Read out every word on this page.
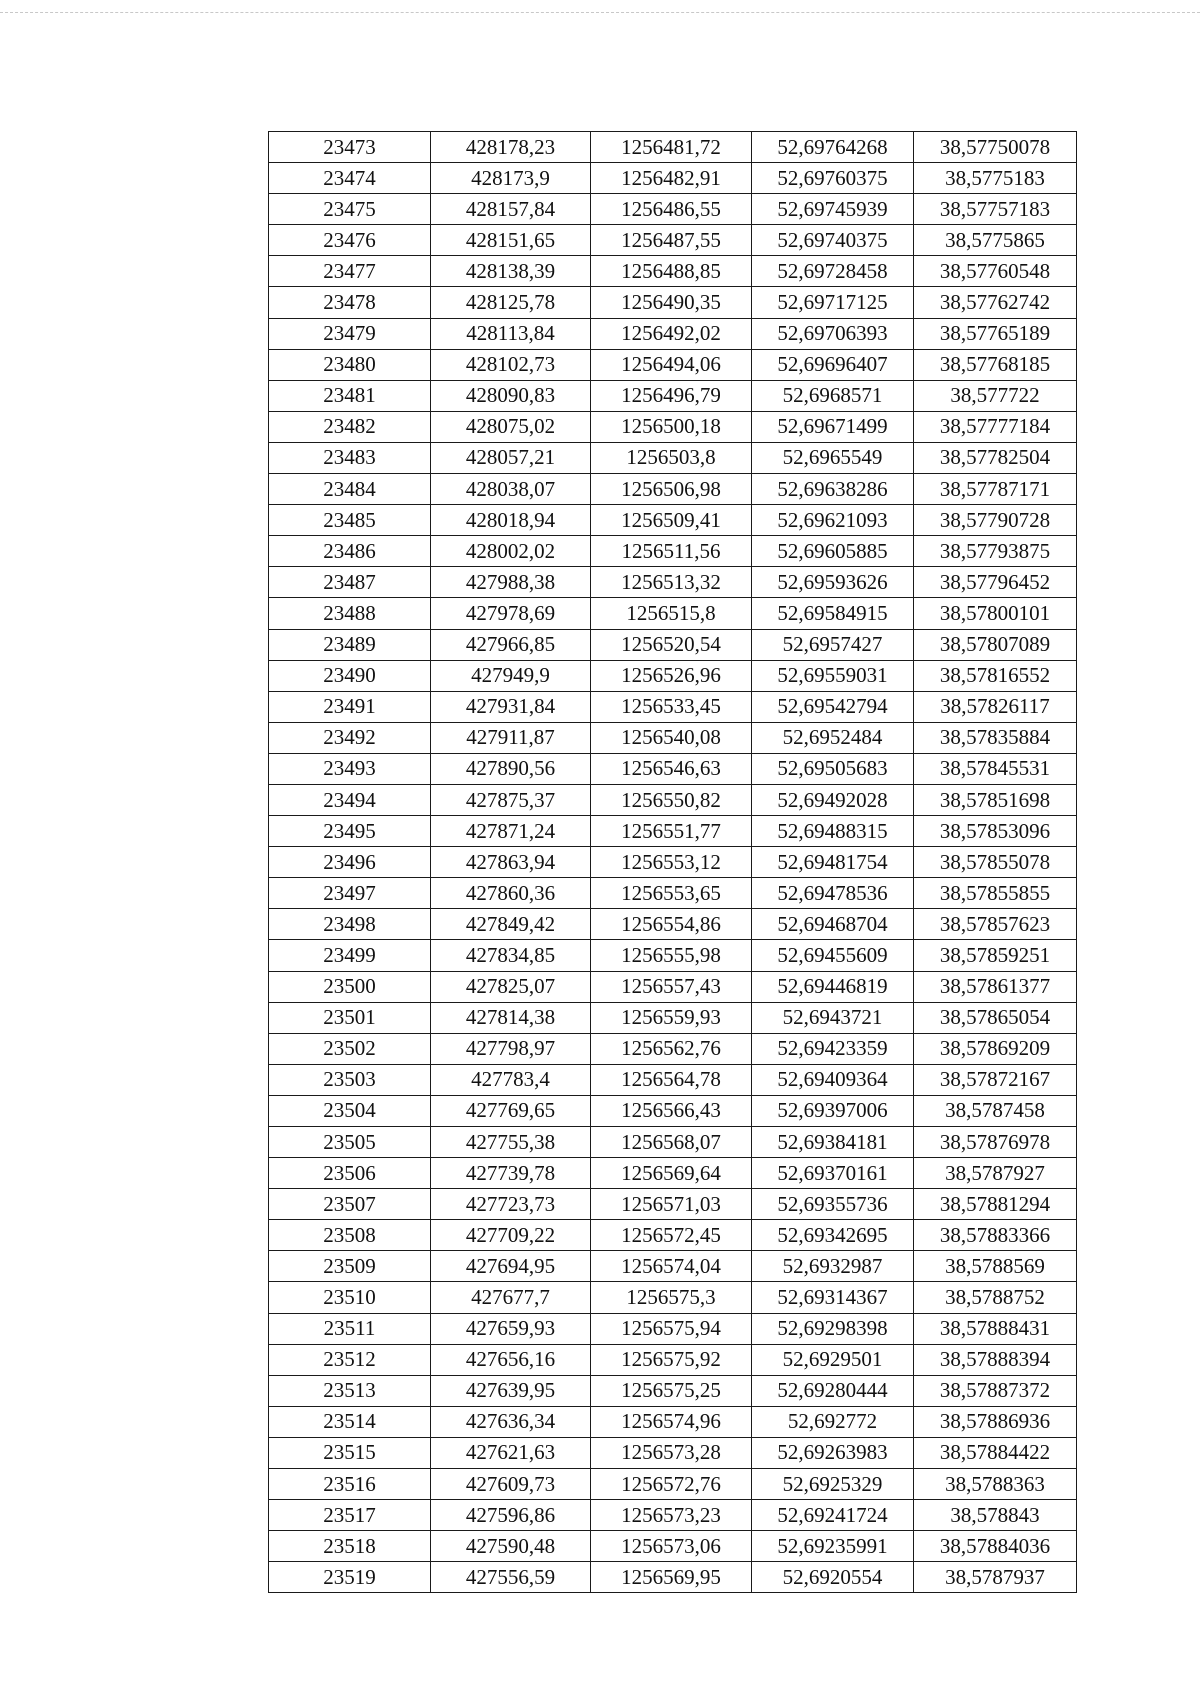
23473	428178,23	1256481,72	52,69764268	38,57750078
23474	428173,9	1256482,91	52,69760375	38,5775183
23475	428157,84	1256486,55	52,69745939	38,57757183
23476	428151,65	1256487,55	52,69740375	38,5775865
23477	428138,39	1256488,85	52,69728458	38,57760548
23478	428125,78	1256490,35	52,69717125	38,57762742
23479	428113,84	1256492,02	52,69706393	38,57765189
23480	428102,73	1256494,06	52,69696407	38,57768185
23481	428090,83	1256496,79	52,6968571	38,577722
23482	428075,02	1256500,18	52,69671499	38,57777184
23483	428057,21	1256503,8	52,6965549	38,57782504
23484	428038,07	1256506,98	52,69638286	38,57787171
23485	428018,94	1256509,41	52,69621093	38,57790728
23486	428002,02	1256511,56	52,69605885	38,57793875
23487	427988,38	1256513,32	52,69593626	38,57796452
23488	427978,69	1256515,8	52,69584915	38,57800101
23489	427966,85	1256520,54	52,6957427	38,57807089
23490	427949,9	1256526,96	52,69559031	38,57816552
23491	427931,84	1256533,45	52,69542794	38,57826117
23492	427911,87	1256540,08	52,6952484	38,57835884
23493	427890,56	1256546,63	52,69505683	38,57845531
23494	427875,37	1256550,82	52,69492028	38,57851698
23495	427871,24	1256551,77	52,69488315	38,57853096
23496	427863,94	1256553,12	52,69481754	38,57855078
23497	427860,36	1256553,65	52,69478536	38,57855855
23498	427849,42	1256554,86	52,69468704	38,57857623
23499	427834,85	1256555,98	52,69455609	38,57859251
23500	427825,07	1256557,43	52,69446819	38,57861377
23501	427814,38	1256559,93	52,6943721	38,57865054
23502	427798,97	1256562,76	52,69423359	38,57869209
23503	427783,4	1256564,78	52,69409364	38,57872167
23504	427769,65	1256566,43	52,69397006	38,5787458
23505	427755,38	1256568,07	52,69384181	38,57876978
23506	427739,78	1256569,64	52,69370161	38,5787927
23507	427723,73	1256571,03	52,69355736	38,57881294
23508	427709,22	1256572,45	52,69342695	38,57883366
23509	427694,95	1256574,04	52,6932987	38,5788569
23510	427677,7	1256575,3	52,69314367	38,5788752
23511	427659,93	1256575,94	52,69298398	38,57888431
23512	427656,16	1256575,92	52,6929501	38,57888394
23513	427639,95	1256575,25	52,69280444	38,57887372
23514	427636,34	1256574,96	52,692772	38,57886936
23515	427621,63	1256573,28	52,69263983	38,57884422
23516	427609,73	1256572,76	52,6925329	38,5788363
23517	427596,86	1256573,23	52,69241724	38,578843
23518	427590,48	1256573,06	52,69235991	38,57884036
23519	427556,59	1256569,95	52,6920554	38,5787937
